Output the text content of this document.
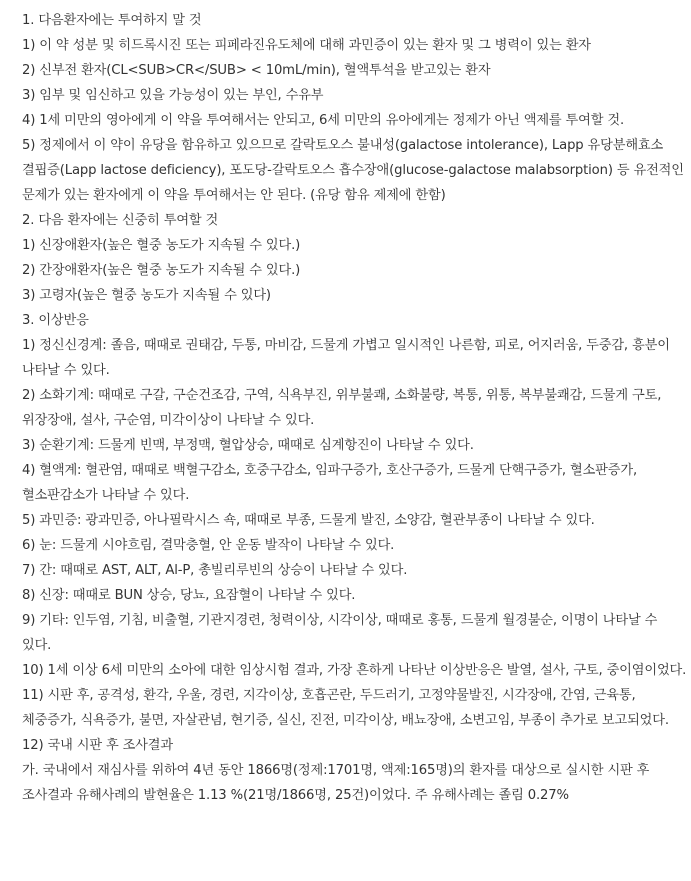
1. 다음환자에는 투여하지 말 것

1) 이 약 성분 및 히드록시진 또는 피페라진유도체에 대해 과민증이 있는 환자 및 그 병력이 있는 환자

2) 신부전 환자(CL<SUB>CR</SUB> < 10mL/min), 혈액투석을 받고있는 환자

3) 임부 및 임신하고 있을 가능성이 있는 부인, 수유부

4) 1세 미만의 영아에게 이 약을 투여해서는 안되고, 6세 미만의 유아에게는 정제가 아닌 액제를 투여할 것.

5) 정제에서 이 약이 유당을 함유하고 있으므로 갈락토오스 불내성(galactose intolerance), Lapp 유당분해효소 결핍증(Lapp lactose deficiency), 포도당-갈락토오스 흡수장애(glucose-galactose malabsorption) 등 유전적인 문제가 있는 환자에게 이 약을 투여해서는 안 된다. (유당 함유 제제에 한함)

2. 다음 환자에는 신중히 투여할 것

1) 신장애환자(높은 혈중 농도가 지속될 수 있다.)

2) 간장애환자(높은 혈중 농도가 지속될 수 있다.)

3) 고령자(높은 혈중 농도가 지속될 수 있다)

3. 이상반응

1) 정신신경계: 졸음, 때때로 권태감, 두통, 마비감, 드물게 가볍고 일시적인 나른함, 피로, 어지러움, 두중감, 흥분이 나타날 수 있다.

2) 소화기계: 때때로 구갈, 구순건조감, 구역, 식욕부진, 위부불쾌, 소화불량, 복통, 위통, 복부불쾌감, 드물게 구토, 위장장애, 설사, 구순염, 미각이상이 나타날 수 있다.

3) 순환기계: 드물게 빈맥, 부정맥, 혈압상승, 때때로 심계항진이 나타날 수 있다.

4) 혈액계: 혈관염, 때때로 백혈구감소, 호중구감소, 임파구증가, 호산구증가, 드물게 단핵구증가, 혈소판증가, 혈소판감소가 나타날 수 있다.

5) 과민증: 광과민증, 아나필락시스 쇽, 때때로 부종, 드물게 발진, 소양감, 혈관부종이 나타날 수 있다.

6) 눈: 드물게 시야흐림, 결막충혈, 안 운동 발작이 나타날 수 있다.

7) 간: 때때로 AST, ALT, Al-P, 총빌리루빈의 상승이 나타날 수 있다.

8) 신장: 때때로 BUN 상승, 당뇨, 요잠혈이 나타날 수 있다.

9) 기타: 인두염, 기침, 비출혈, 기관지경련, 청력이상, 시각이상, 때때로 홍통, 드물게 월경불순, 이명이 나타날 수 있다.

10) 1세 이상 6세 미만의 소아에 대한 임상시험 결과, 가장 흔하게 나타난 이상반응은 발열, 설사, 구토, 중이염이었다.

11) 시판 후, 공격성, 환각, 우울, 경련, 지각이상, 호흡곤란, 두드러기, 고정약물발진, 시각장애, 간염, 근육통, 체중증가, 식욕증가, 불면, 자살관념, 현기증, 실신, 진전, 미각이상, 배뇨장애, 소변고임, 부종이 추가로 보고되었다.

12) 국내 시판 후 조사결과

가. 국내에서 재심사를 위하여 4년 동안 1866명(정제:1701명, 액제:165명)의 환자를 대상으로 실시한 시판 후 조사결과 유해사례의 발현율은 1.13 %(21명/1866명, 25건)이었다. 주 유해사례는 졸림 0.27%
